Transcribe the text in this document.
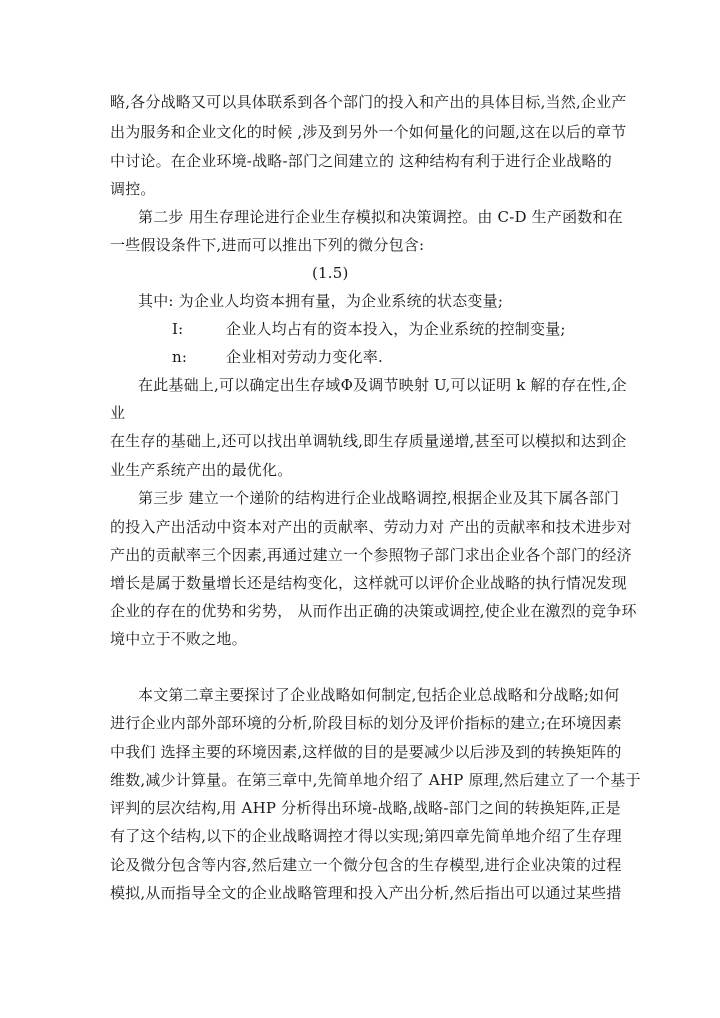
略,各分战略又可以具体联系到各个部门的投入和产出的具体目标,当然,企业产
出为服务和企业文化的时候 ,涉及到另外一个如何量化的问题,这在以后的章节
中讨论。在企业环境-战略-部门之间建立的 这种结构有利于进行企业战略的
调控。
第二步 用生存理论进行企业生存模拟和决策调控。由 C-D 生产函数和在
一些假设条件下,进而可以推出下列的微分包含:
(1.5)
其中: 为企业人均资本拥有量，为企业系统的状态变量;
I:	企业人均占有的资本投入，为企业系统的控制变量;
n:	企业相对劳动力变化率.
在此基础上,可以确定出生存域Φ及调节映射 U,可以证明 k 解的存在性,企
业
在生存的基础上,还可以找出单调轨线,即生存质量递增,甚至可以模拟和达到企
业生产系统产出的最优化。
第三步 建立一个递阶的结构进行企业战略调控,根据企业及其下属各部门
的投入产出活动中资本对产出的贡献率、劳动力对 产出的贡献率和技术进步对
产出的贡献率三个因素,再通过建立一个参照物子部门求出企业各个部门的经济
增长是属于数量增长还是结构变化，这样就可以评价企业战略的执行情况发现
企业的存在的优势和劣势， 从而作出正确的决策或调控,使企业在激烈的竞争环
境中立于不败之地。
本文第二章主要探讨了企业战略如何制定,包括企业总战略和分战略;如何
进行企业内部外部环境的分析,阶段目标的划分及评价指标的建立;在环境因素
中我们 选择主要的环境因素,这样做的目的是要减少以后涉及到的转换矩阵的
维数,减少计算量。在第三章中,先简单地介绍了 AHP 原理,然后建立了一个基于
评判的层次结构,用 AHP 分析得出环境-战略,战略-部门之间的转换矩阵,正是
有了这个结构,以下的企业战略调控才得以实现;第四章先简单地介绍了生存理
论及微分包含等内容,然后建立一个微分包含的生存模型,进行企业决策的过程
模拟,从而指导全文的企业战略管理和投入产出分析,然后指出可以通过某些措
